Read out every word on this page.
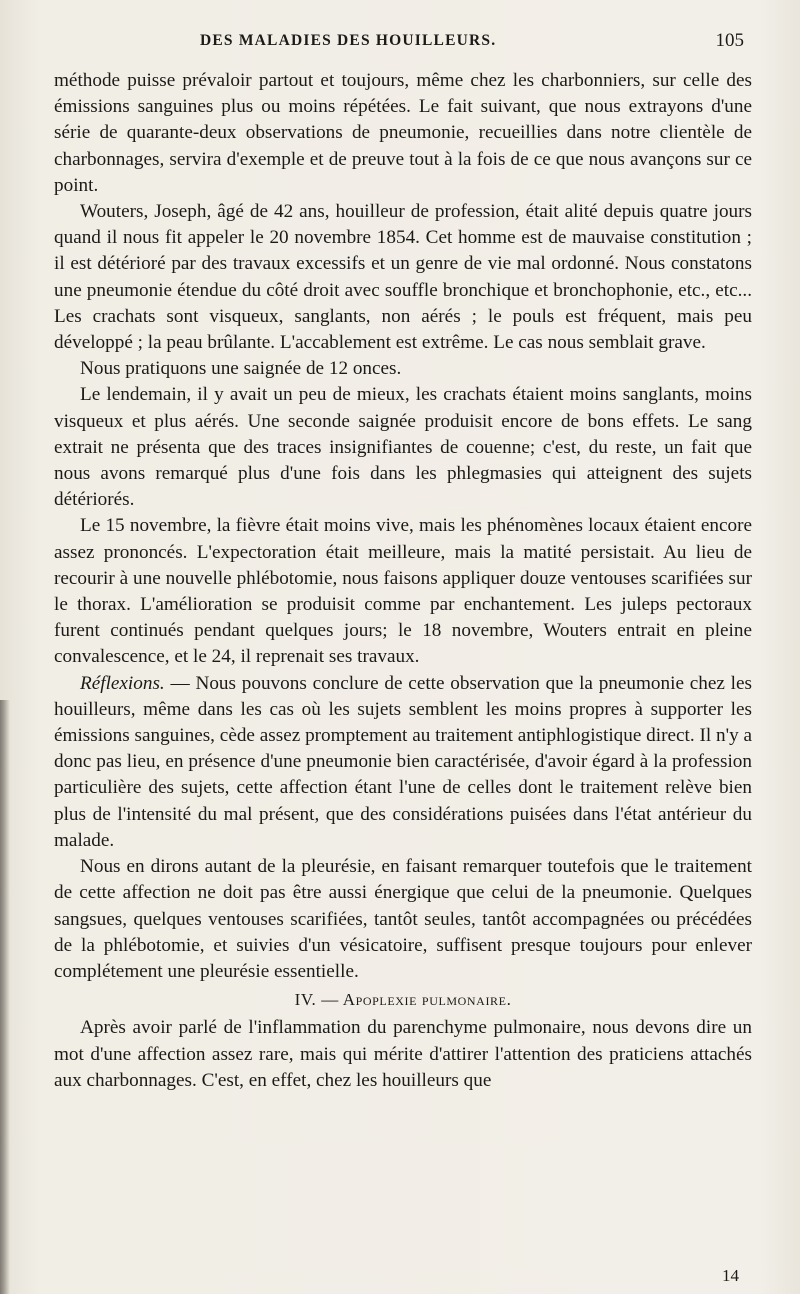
DES MALADIES DES HOUILLEURS.	105

méthode puisse prévaloir partout et toujours, même chez les charbonniers, sur celle des émissions sanguines plus ou moins répétées. Le fait suivant, que nous extrayons d'une série de quarante-deux observations de pneumonie, recueillies dans notre clientèle de charbonnages, servira d'exemple et de preuve tout à la fois de ce que nous avançons sur ce point.

Wouters, Joseph, âgé de 42 ans, houilleur de profession, était alité depuis quatre jours quand il nous fit appeler le 20 novembre 1854. Cet homme est de mauvaise constitution ; il est détérioré par des travaux excessifs et un genre de vie mal ordonné. Nous constatons une pneumonie étendue du côté droit avec souffle bronchique et bronchophonie, etc., etc... Les crachats sont visqueux, sanglants, non aérés ; le pouls est fréquent, mais peu développé ; la peau brûlante. L'accablement est extrême. Le cas nous semblait grave.

Nous pratiquons une saignée de 12 onces.

Le lendemain, il y avait un peu de mieux, les crachats étaient moins sanglants, moins visqueux et plus aérés. Une seconde saignée produisit encore de bons effets. Le sang extrait ne présenta que des traces insignifiantes de couenne; c'est, du reste, un fait que nous avons remarqué plus d'une fois dans les phlegmasies qui atteignent des sujets détériorés.

Le 15 novembre, la fièvre était moins vive, mais les phénomènes locaux étaient encore assez prononcés. L'expectoration était meilleure, mais la matité persistait. Au lieu de recourir à une nouvelle phlébotomie, nous faisons appliquer douze ventouses scarifiées sur le thorax. L'amélioration se produisit comme par enchantement. Les juleps pectoraux furent continués pendant quelques jours; le 18 novembre, Wouters entrait en pleine convalescence, et le 24, il reprenait ses travaux.

Réflexions. — Nous pouvons conclure de cette observation que la pneumonie chez les houilleurs, même dans les cas où les sujets semblent les moins propres à supporter les émissions sanguines, cède assez promptement au traitement antiphlogistique direct. Il n'y a donc pas lieu, en présence d'une pneumonie bien caractérisée, d'avoir égard à la profession particulière des sujets, cette affection étant l'une de celles dont le traitement relève bien plus de l'intensité du mal présent, que des considérations puisées dans l'état antérieur du malade.

Nous en dirons autant de la pleurésie, en faisant remarquer toutefois que le traitement de cette affection ne doit pas être aussi énergique que celui de la pneumonie. Quelques sangsues, quelques ventouses scarifiées, tantôt seules, tantôt accompagnées ou précédées de la phlébotomie, et suivies d'un vésicatoire, suffisent presque toujours pour enlever complétement une pleurésie essentielle.

IV. — Apoplexie pulmonaire.

Après avoir parlé de l'inflammation du parenchyme pulmonaire, nous devons dire un mot d'une affection assez rare, mais qui mérite d'attirer l'attention des praticiens attachés aux charbonnages. C'est, en effet, chez les houilleurs que

14
